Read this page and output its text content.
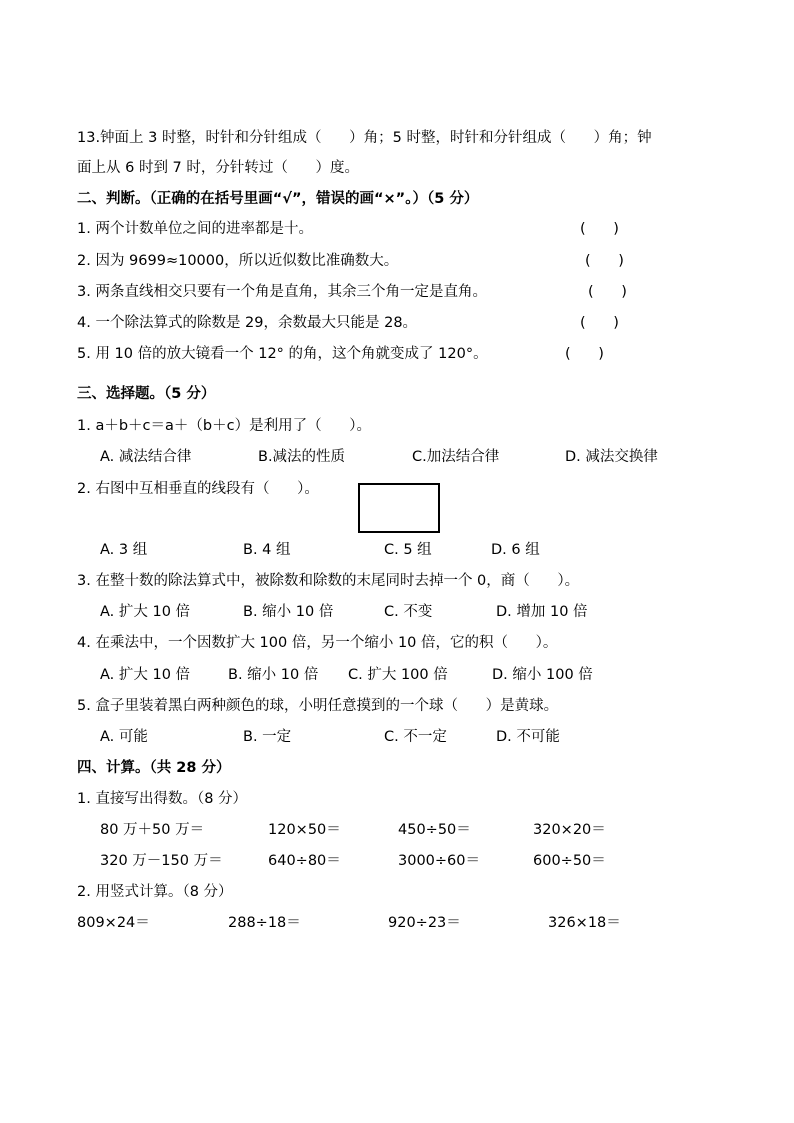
13.钟面上 3 时整，时针和分针组成（      ）角；5 时整，时针和分针组成（      ）角；钟
面上从 6 时到 7 时，分针转过（      ）度。
二、判断。（正确的在括号里画“√”，错误的画“×”。）（5 分）
1. 两个计数单位之间的进率都是十。	(      )
2. 因为 9699≈10000，所以近似数比准确数大。	(      )
3. 两条直线相交只要有一个角是直角，其余三个角一定是直角。	(      )
4. 一个除法算式的除数是 29，余数最大只能是 28。	(      )
5. 用 10 倍的放大镜看一个 12° 的角，这个角就变成了 120°。	(      )
三、选择题。（5 分）
1. a＋b＋c＝a＋（b＋c）是利用了（      ）。
A. 减法结合律	B.减法的性质	C.加法结合律	D. 减法交换律
2. 右图中互相垂直的线段有（      ）。
A. 3 组	B. 4 组	C. 5 组	D. 6 组
3. 在整十数的除法算式中，被除数和除数的末尾同时去掉一个 0，商（      ）。
A. 扩大 10 倍	B. 缩小 10 倍	C. 不变	D. 增加 10 倍
4. 在乘法中，一个因数扩大 100 倍，另一个缩小 10 倍，它的积（      ）。
A. 扩大 10 倍	B. 缩小 10 倍 C. 扩大 100 倍	D. 缩小 100 倍
5. 盒子里装着黑白两种颜色的球，小明任意摸到的一个球（      ）是黄球。
A. 可能	B. 一定	C. 不一定	D. 不可能
四、计算。（共 28 分）
1. 直接写出得数。（8 分）
80 万＋50 万＝	120×50＝	450÷50＝	320×20＝
320 万－150 万＝	640÷80＝	3000÷60＝	600÷50＝
2. 用竖式计算。（8 分）
809×24＝	288÷18＝	920÷23＝	326×18＝
